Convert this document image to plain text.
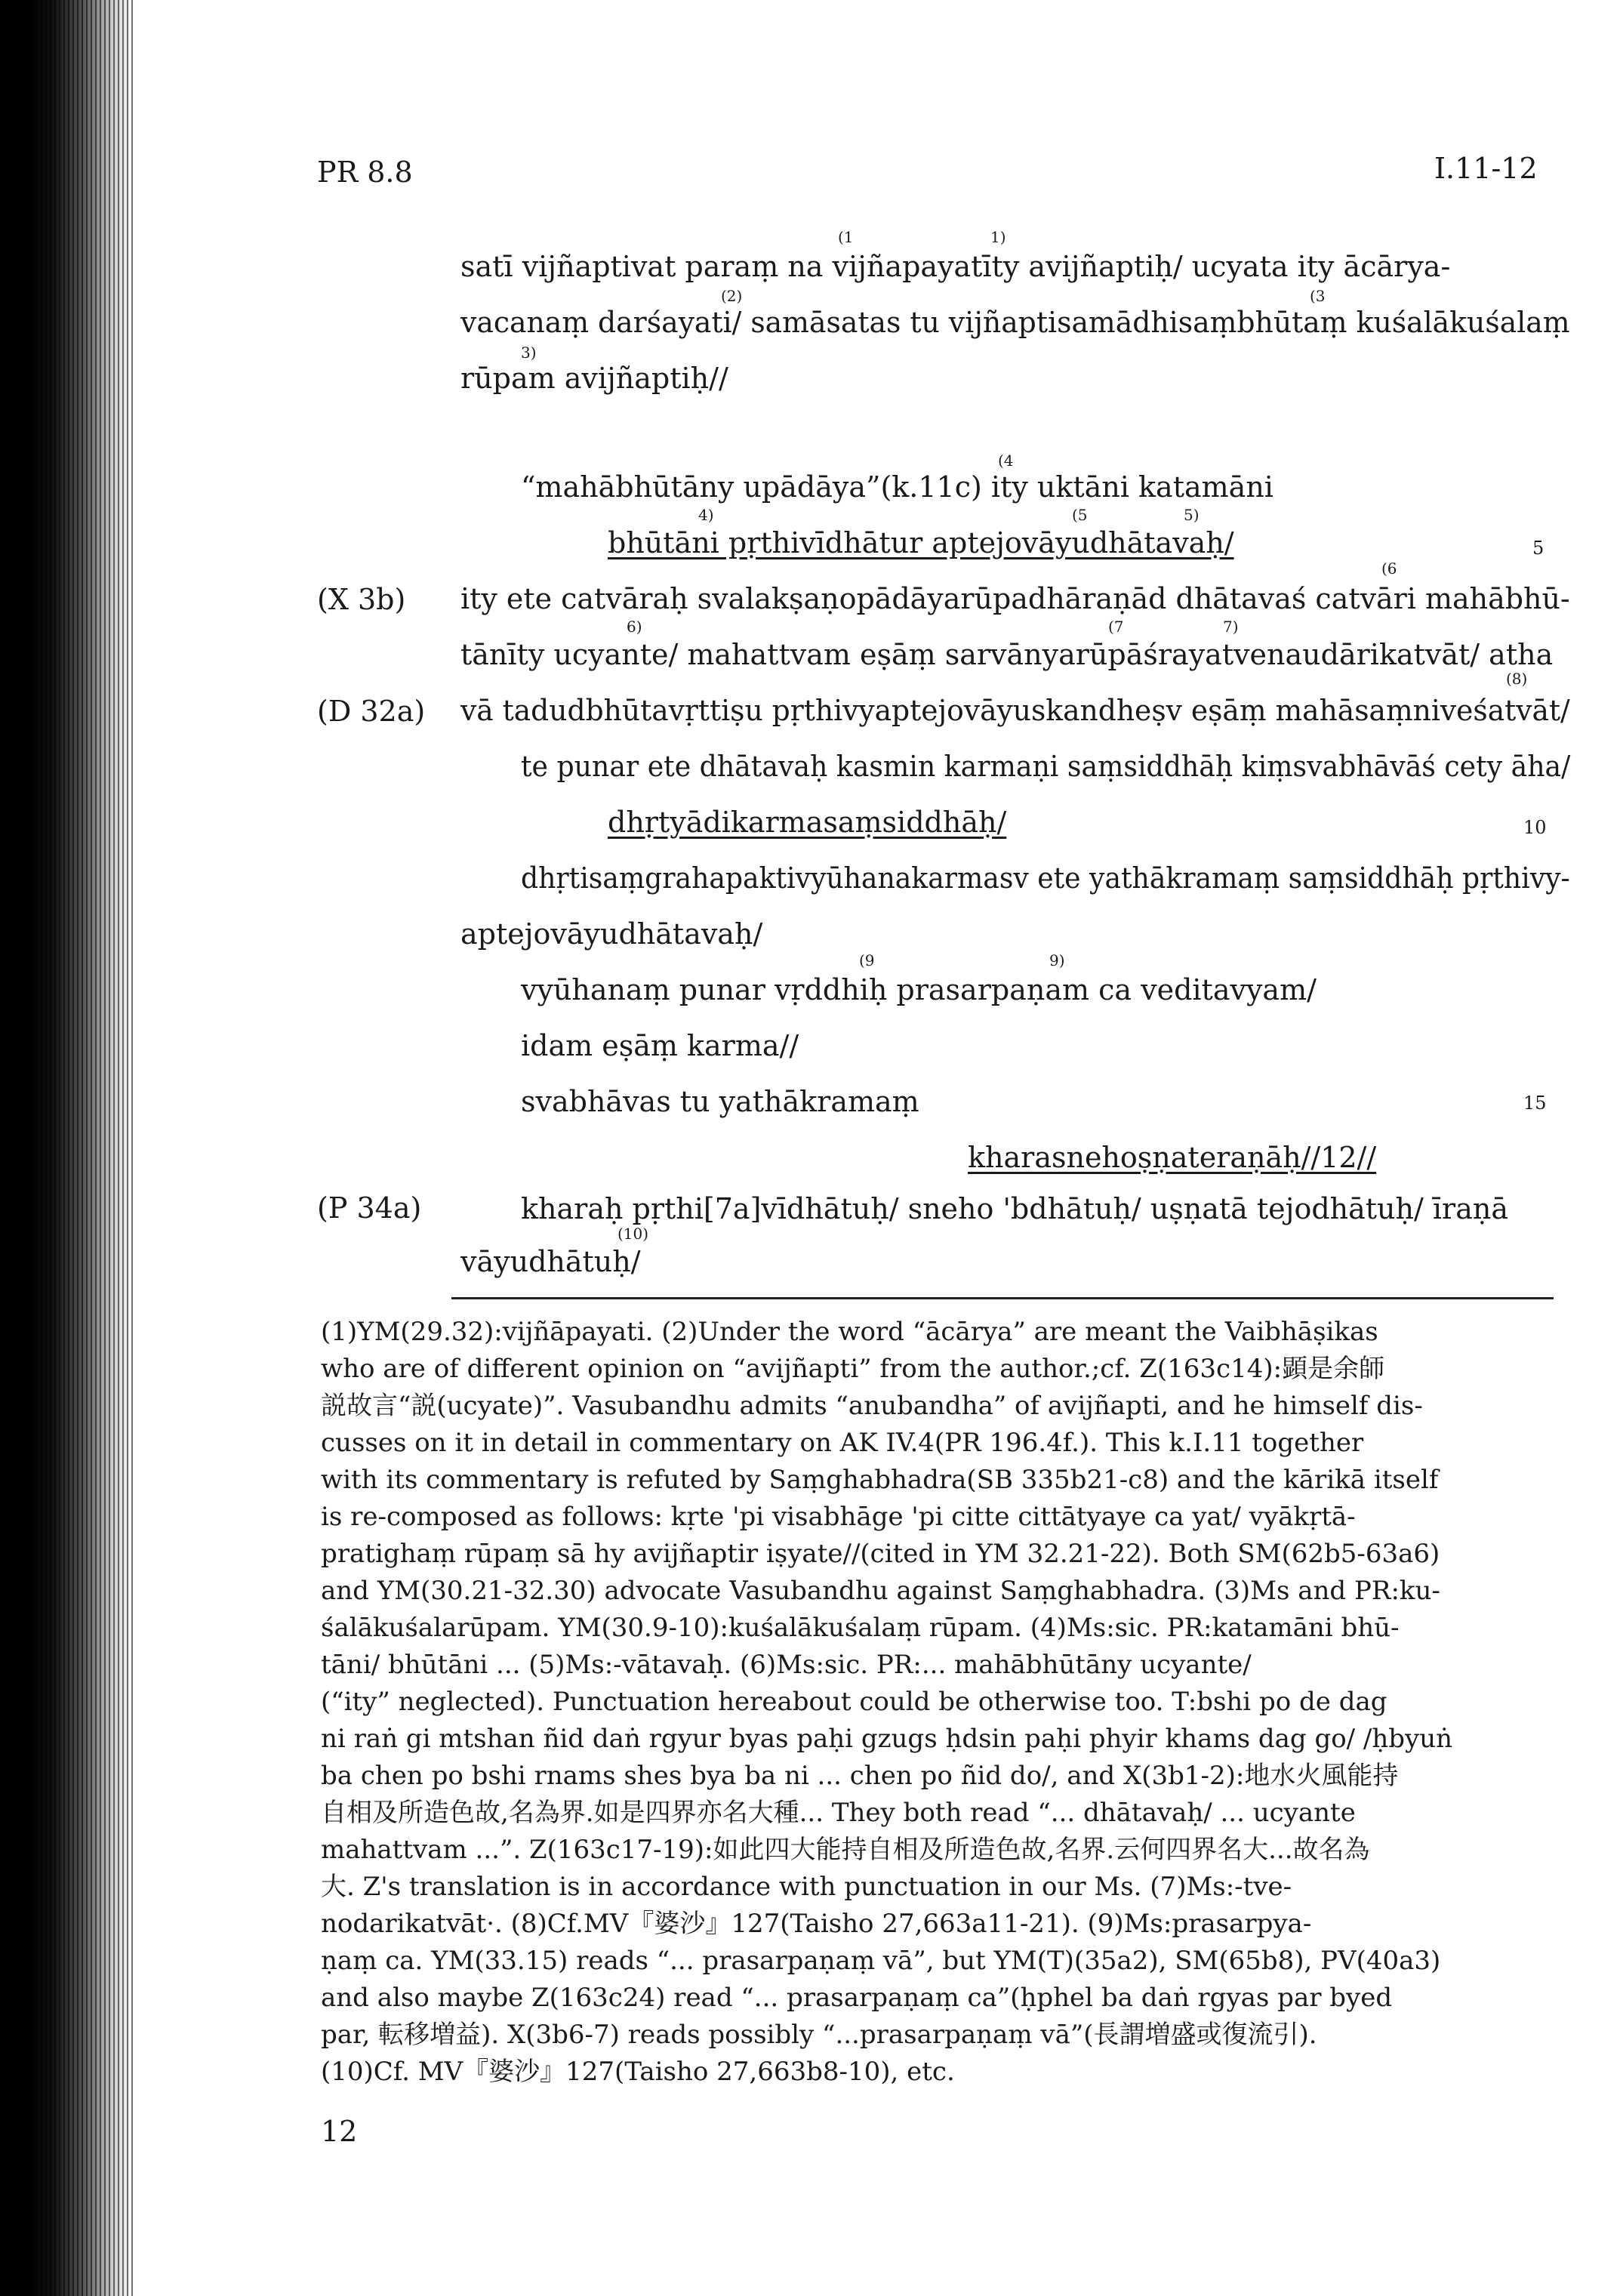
PR 8.8	I.11-12
(X 3b)
(D 32a)
(P 34a)
5
10
15
(1	1)
(2)	(3
3)
(4
4)	(5	5)
(6
6)	(7	7)
(8)
(9	9)
(10)
satī vijñaptivat paraṃ na vijñapayatīty avijñaptiḥ/ ucyata ity ācārya-
vacanaṃ darśayati/ samāsatas tu vijñaptisamādhisaṃbhūtaṃ kuśalākuśalaṃ
rūpam avijñaptiḥ//
“mahābhūtāny upādāya”(k.11c) ity uktāni katamāni
bhūtāni pṛthivīdhātur aptejovāyudhātavaḥ/
ity ete catvāraḥ svalakṣaṇopādāyarūpadhāraṇād dhātavaś catvāri mahābhū-
tānīty ucyante/ mahattvam eṣāṃ sarvānyarūpāśrayatvenaudārikatvāt/ atha
vā tadudbhūtavṛttiṣu pṛthivyaptejovāyuskandheṣv eṣāṃ mahāsaṃniveśatvāt/
te punar ete dhātavaḥ kasmin karmaṇi saṃsiddhāḥ kiṃsvabhāvāś cety āha/
dhṛtyādikarmasaṃsiddhāḥ/
dhṛtisaṃgrahapaktivyūhanakarmasv ete yathākramaṃ saṃsiddhāḥ pṛthivy-
aptejovāyudhātavaḥ/
vyūhanaṃ punar vṛddhiḥ prasarpaṇam ca veditavyam/
idam eṣāṃ karma//
svabhāvas tu yathākramaṃ
kharasnehoṣṇateraṇāḥ//12//
kharaḥ pṛthi[7a]vīdhātuḥ/ sneho 'bdhātuḥ/ uṣṇatā tejodhātuḥ/ īraṇā
vāyudhātuḥ/
(1)YM(29.32):vijñāpayati. (2)Under the word “ācārya” are meant the Vaibhāṣikas
who are of different opinion on “avijñapti” from the author.;cf. Z(163c14):顕是余師
説故言“説(ucyate)”. Vasubandhu admits “anubandha” of avijñapti, and he himself dis-
cusses on it in detail in commentary on AK IV.4(PR 196.4f.). This k.I.11 together
with its commentary is refuted by Saṃghabhadra(SB 335b21-c8) and the kārikā itself
is re-composed as follows: kṛte 'pi visabhāge 'pi citte cittātyaye ca yat/ vyākṛtā-
pratighaṃ rūpaṃ sā hy avijñaptir iṣyate//(cited in YM 32.21-22). Both SM(62b5-63a6)
and YM(30.21-32.30) advocate Vasubandhu against Saṃghabhadra. (3)Ms and PR:ku-
śalākuśalarūpam. YM(30.9-10):kuśalākuśalaṃ rūpam. (4)Ms:sic. PR:katamāni bhū-
tāni/ bhūtāni ... (5)Ms:-vātavaḥ. (6)Ms:sic. PR:... mahābhūtāny ucyante/
(“ity” neglected). Punctuation hereabout could be otherwise too. T:bshi po de dag
ni raṅ gi mtshan ñid daṅ rgyur byas paḥi gzugs ḥdsin paḥi phyir khams dag go/ /ḥbyuṅ
ba chen po bshi rnams shes bya ba ni ... chen po ñid do/, and X(3b1-2):地水火風能持
自相及所造色故,名為界.如是四界亦名大種... They both read “... dhātavaḥ/ ... ucyante
mahattvam ...”. Z(163c17-19):如此四大能持自相及所造色故,名界.云何四界名大...故名為
大. Z's translation is in accordance with punctuation in our Ms. (7)Ms:-tve-
nodarikatvāt·. (8)Cf.MV『婆沙』127(Taisho 27,663a11-21). (9)Ms:prasarpya-
ṇaṃ ca. YM(33.15) reads “... prasarpaṇaṃ vā”, but YM(T)(35a2), SM(65b8), PV(40a3)
and also maybe Z(163c24) read “... prasarpaṇaṃ ca”(ḥphel ba daṅ rgyas par byed
par, 転移増益). X(3b6-7) reads possibly “...prasarpaṇaṃ vā”(長謂増盛或復流引).
(10)Cf. MV『婆沙』127(Taisho 27,663b8-10), etc.
12
